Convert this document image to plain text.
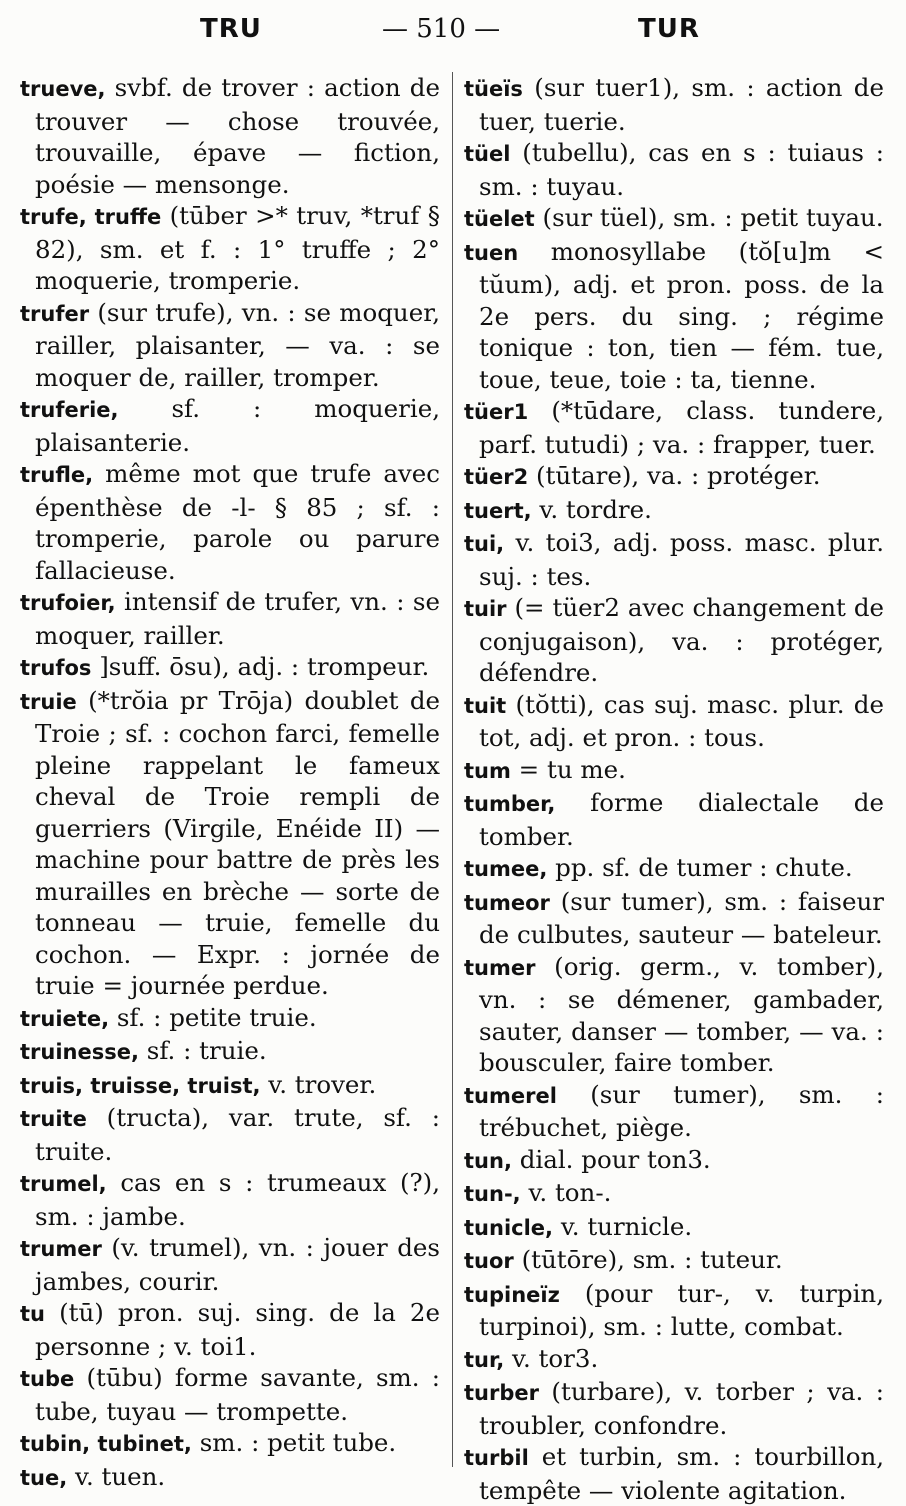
TRU	— 510 —	TUR

trueve, svbf. de trover : action de trouver — chose trouvée, trouvaille, épave — fiction, poésie — mensonge.

trufe, truffe (tūber >* truv, *truf § 82), sm. et f. : 1° truffe ; 2° moquerie, tromperie.

trufer (sur trufe), vn. : se moquer, railler, plaisanter, — va. : se moquer de, railler, tromper.

truferie, sf. : moquerie, plaisanterie.

trufle, même mot que trufe avec épenthèse de -l- § 85 ; sf. : tromperie, parole ou parure fallacieuse.

trufoier, intensif de trufer, vn. : se moquer, railler.

trufos ]suff. ōsu), adj. : trompeur.

truie (*trŏia pr Trōja) doublet de Troie ; sf. : cochon farci, femelle pleine rappelant le fameux cheval de Troie rempli de guerriers (Virgile, Enéide II) — machine pour battre de près les murailles en brèche — sorte de tonneau — truie, femelle du cochon. — Expr. : jornée de truie = journée perdue.

truiete, sf. : petite truie.

truinesse, sf. : truie.

truis, truisse, truist, v. trover.

truite (tructa), var. trute, sf. : truite.

trumel, cas en s : trumeaux (?), sm. : jambe.

trumer (v. trumel), vn. : jouer des jambes, courir.

tu (tū) pron. suj. sing. de la 2e personne ; v. toi1.

tube (tūbu) forme savante, sm. : tube, tuyau — trompette.

tubin, tubinet, sm. : petit tube.

tue, v. tuen.

tüeïs (sur tuer1), sm. : action de tuer, tuerie.

tüel (tubellu), cas en s : tuiaus : sm. : tuyau.

tüelet (sur tüel), sm. : petit tuyau.

tuen monosyllabe (tŏ[u]m < tŭum), adj. et pron. poss. de la 2e pers. du sing. ; régime tonique : ton, tien — fém. tue, toue, teue, toie : ta, tienne.

tüer1 (*tūdare, class. tundere, parf. tutudi) ; va. : frapper, tuer.

tüer2 (tūtare), va. : protéger.

tuert, v. tordre.

tui, v. toi3, adj. poss. masc. plur. suj. : tes.

tuir (= tüer2 avec changement de conjugaison), va. : protéger, défendre.

tuit (tŏtti), cas suj. masc. plur. de tot, adj. et pron. : tous.

tum = tu me.

tumber, forme dialectale de tomber.

tumee, pp. sf. de tumer : chute.

tumeor (sur tumer), sm. : faiseur de culbutes, sauteur — bateleur.

tumer (orig. germ., v. tomber), vn. : se démener, gambader, sauter, danser — tomber, — va. : bousculer, faire tomber.

tumerel (sur tumer), sm. : trébuchet, piège.

tun, dial. pour ton3.

tun-, v. ton-.

tunicle, v. turnicle.

tuor (tūtōre), sm. : tuteur.

tupineïz (pour tur-, v. turpin, turpinoi), sm. : lutte, combat.

tur, v. tor3.

turber (turbare), v. torber ; va. : troubler, confondre.

turbil et turbin, sm. : tourbillon, tempête — violente agitation.
